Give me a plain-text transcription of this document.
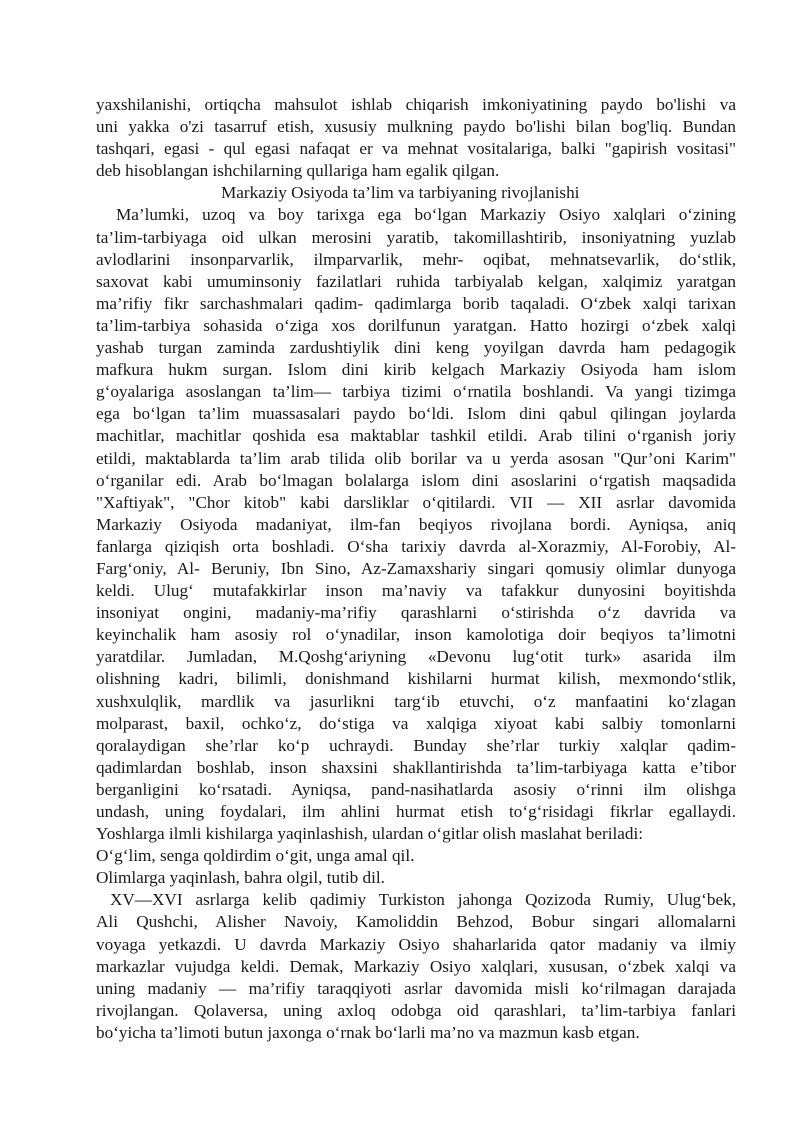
yaxshilanishi, ortiqcha mahsulot ishlab chiqarish imkoniyatining paydo bo'lishi va
uni yakka o'zi tasarruf etish, xususiy mulkning paydo bo'lishi bilan bog'liq. Bundan
tashqari, egasi - qul egasi nafaqat er va mehnat vositalariga, balki "gapirish vositasi"
deb hisoblangan ishchilarning qullariga ham egalik qilgan.
Markaziy Osiyoda ta’lim va tarbiyaning rivojlanishi
Ma’lumki, uzoq va boy tarixga ega bo‘lgan Markaziy Osiyo xalqlari o‘zining
ta’lim-tarbiyaga oid ulkan merosini yaratib, takomillashtirib, insoniyatning yuzlab
avlodlarini insonparvarlik, ilmparvarlik, mehr- oqibat, mehnatsevarlik, do‘stlik,
saxovat kabi umuminsoniy fazilatlari ruhida tarbiyalab kelgan, xalqimiz yaratgan
ma’rifiy fikr sarchashmalari qadim- qadimlarga borib taqaladi. O‘zbek xalqi tarixan
ta’lim-tarbiya sohasida o‘ziga xos dorilfunun yaratgan. Hatto hozirgi o‘zbek xalqi
yashab turgan zaminda zardushtiylik dini keng yoyilgan davrda ham pedagogik
mafkura hukm surgan. Islom dini kirib kelgach Markaziy Osiyoda ham islom
g‘oyalariga asoslangan ta’lim— tarbiya tizimi o‘rnatila boshlandi. Va yangi tizimga
ega bo‘lgan ta’lim muassasalari paydo bo‘ldi. Islom dini qabul qilingan joylarda
machitlar, machitlar qoshida esa maktablar tashkil etildi. Arab tilini o‘rganish joriy
etildi, maktablarda ta’lim arab tilida olib borilar va u yerda asosan "Qur’oni Karim"
o‘rganilar edi. Arab bo‘lmagan bolalarga islom dini asoslarini o‘rgatish maqsadida
"Xaftiyak", "Chor kitob" kabi darsliklar o‘qitilardi. VII — XII asrlar davomida
Markaziy Osiyoda madaniyat, ilm-fan beqiyos rivojlana bordi. Ayniqsa, aniq
fanlarga qiziqish orta boshladi. O‘sha tarixiy davrda al-Xorazmiy, Al-Forobiy, Al-
Farg‘oniy, Al- Beruniy, Ibn Sino, Az-Zamaxshariy singari qomusiy olimlar dunyoga
keldi. Ulug‘ mutafakkirlar inson ma’naviy va tafakkur dunyosini boyitishda
insoniyat ongini, madaniy-ma’rifiy qarashlarni o‘stirishda o‘z davrida va
keyinchalik ham asosiy rol o‘ynadilar, inson kamolotiga doir beqiyos ta’limotni
yaratdilar. Jumladan, M.Qoshg‘ariyning «Devonu lug‘otit turk» asarida ilm
olishning kadri, bilimli, donishmand kishilarni hurmat kilish, mexmondo‘stlik,
xushxulqlik, mardlik va jasurlikni targ‘ib etuvchi, o‘z manfaatini ko‘zlagan
molparast, baxil, ochko‘z, do‘stiga va xalqiga xiyoat kabi salbiy tomonlarni
qoralaydigan she’rlar ko‘p uchraydi. Bunday she’rlar turkiy xalqlar qadim-
qadimlardan boshlab, inson shaxsini shakllantirishda ta’lim-tarbiyaga katta e’tibor
berganligini ko‘rsatadi. Ayniqsa, pand-nasihatlarda asosiy o‘rinni ilm olishga
undash, uning foydalari, ilm ahlini hurmat etish to‘g‘risidagi fikrlar egallaydi.
Yoshlarga ilmli kishilarga yaqinlashish, ulardan o‘gitlar olish maslahat beriladi:
O‘g‘lim, senga qoldirdim o‘git, unga amal qil.
Olimlarga yaqinlash, bahra olgil, tutib dil.
XV—XVI asrlarga kelib qadimiy Turkiston jahonga Qozizoda Rumiy, Ulug‘bek,
Ali Qushchi, Alisher Navoiy, Kamoliddin Behzod, Bobur singari allomalarni
voyaga yetkazdi. U davrda Markaziy Osiyo shaharlarida qator madaniy va ilmiy
markazlar vujudga keldi. Demak, Markaziy Osiyo xalqlari, xususan, o‘zbek xalqi va
uning madaniy — ma’rifiy taraqqiyoti asrlar davomida misli ko‘rilmagan darajada
rivojlangan. Qolaversa, uning axloq odobga oid qarashlari, ta’lim-tarbiya fanlari
bo‘yicha ta’limoti butun jaxonga o‘rnak bo‘larli ma’no va mazmun kasb etgan.
